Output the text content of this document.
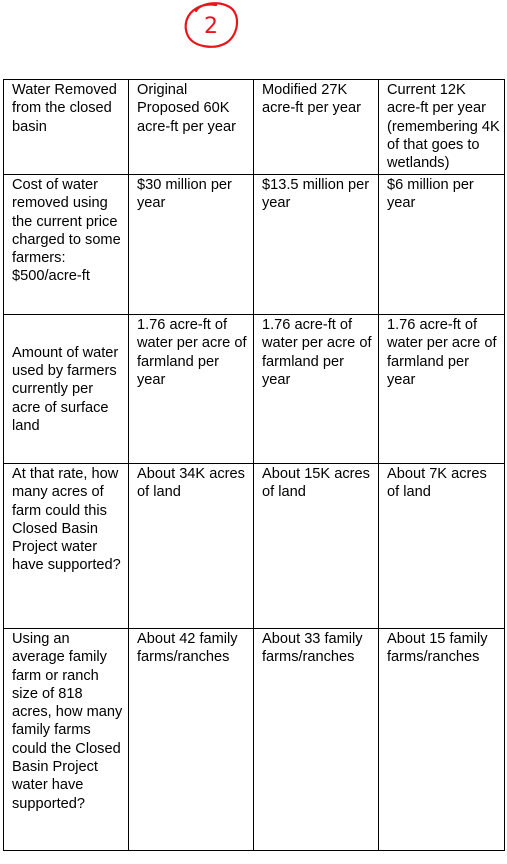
2
Water Removed from the closed basin	Original Proposed 60K acre-ft per year	Modified 27K acre-ft per year	Current 12K acre-ft per year (remembering 4K of that goes to wetlands)
Cost of water removed using the current price charged to some farmers: $500/acre-ft	$30 million per year	$13.5 million per year	$6 million per year
Amount of water used by farmers currently per acre of surface land	1.76 acre-ft of water per acre of farmland per year	1.76 acre-ft of water per acre of farmland per year	1.76 acre-ft of water per acre of farmland per year
At that rate, how many acres of farm could this Closed Basin Project water have supported?	About 34K acres of land	About 15K acres of land	About 7K acres of land
Using an average family farm or ranch size of 818 acres, how many family farms could the Closed Basin Project water have supported?	About 42 family farms/ranches	About 33 family farms/ranches	About 15 family farms/ranches
